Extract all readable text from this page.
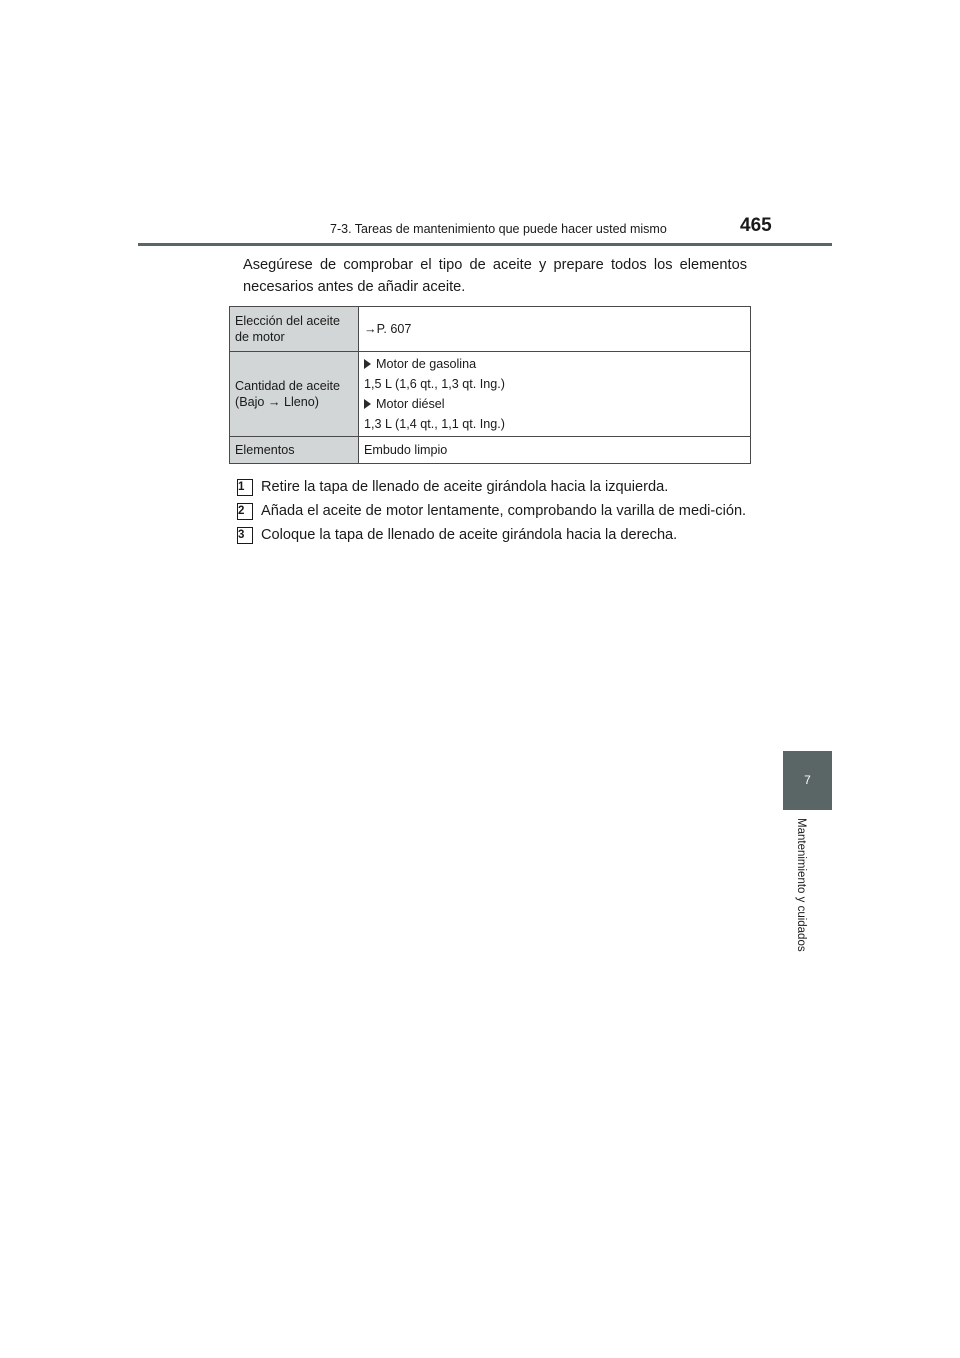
7-3. Tareas de mantenimiento que puede hacer usted mismo	465
Asegúrese de comprobar el tipo de aceite y prepare todos los elementos necesarios antes de añadir aceite.
Elección del aceite de motor	→P. 607
Cantidad de aceite (Bajo → Lleno)	Motor de gasolina

1,5 L (1,6 qt., 1,3 qt. Ing.)

Motor diésel

1,3 L (1,4 qt., 1,1 qt. Ing.)

Elementos	Embudo limpio
1	Retire la tapa de llenado de aceite girándola hacia la izquierda.
2	Añada el aceite de motor lentamente, comprobando la varilla de medi-ción.
3	Coloque la tapa de llenado de aceite girándola hacia la derecha.
7
Mantenimiento y cuidados
